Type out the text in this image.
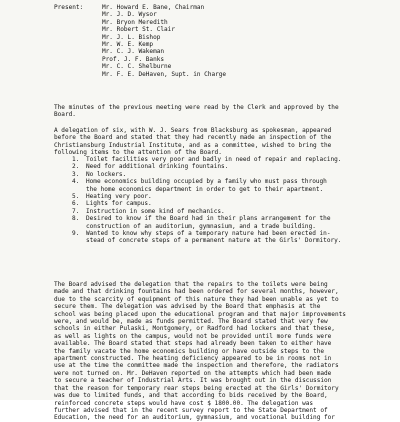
Present:	Mr. Howard E. Bane, Chairman
Mr. J. D. Wysor
Mr. Bryon Meredith
Mr. Robert St. Clair
Mr. J. L. Bishop
Mr. W. E. Kemp
Mr. C. J. Wakeman
Prof. J. F. Banks
Mr. C. C. Shelburne
Mr. F. E. DeHaven, Supt. in Charge

The minutes of the previous meeting were read by the Clerk and approved by the
Board.

A delegation of six, with W. J. Sears from Blacksburg as spokesman, appeared
before the Board and stated that they had recently made an inspection of the
Christiansburg Industrial Institute, and as a committee, wished to bring the
following items to the attention of the Board.

1.	Toilet facilities very poor and badly in need of repair and replacing.
2.	Need for additional drinking fountains.
3.	No lockers.
4.	Home economics building occupied by a family who must pass through
the home economics department in order to get to their apartment.
5.	Heating very poor.
6.	Lights for campus.
7.	Instruction in some kind of mechanics.
8.	Desired to know if the Board had in their plans arrangement for the
construction of an auditorium, gymnasium, and a trade building.
9.	Wanted to know why steps of a temporary nature had been erected in-
stead of concrete steps of a permanent nature at the Girls' Dormitory.

The Board advised the delegation that the repairs to the toilets were being
made and that drinking fountains had been ordered for several months, however,
due to the scarcity of equipment of this nature they had been unable as yet to
secure them. The delegation was advised by the Board that emphasis at the
school was being placed upon the educational program and that major improvements
were, and would be, made as funds permitted. The Board stated that very few
schools in either Pulaski, Montgomery, or Radford had lockers and that these,
as well as lights on the campus, would not be provided until more funds were
available. The Board stated that steps had already been taken to either have
the family vacate the home economics building or have outside steps to the
apartment constructed. The heating deficiency appeared to be in rooms not in
use at the time the committee made the inspection and therefore, the radiators
were not turned on. Mr. DeHaven reported on the attempts which had been made
to secure a teacher of Industrial Arts. It was brought out in the discussion
that the reason for temporary rear steps being erected at the Girls' Dormitory
was due to limited funds, and that according to bids received by the Board,
reinforced concrete steps would have cost $ 1800.00. The delegation was
further advised that in the recent survey report to the State Department of
Education, the need for an auditorium, gymnasium, and vocational building for
